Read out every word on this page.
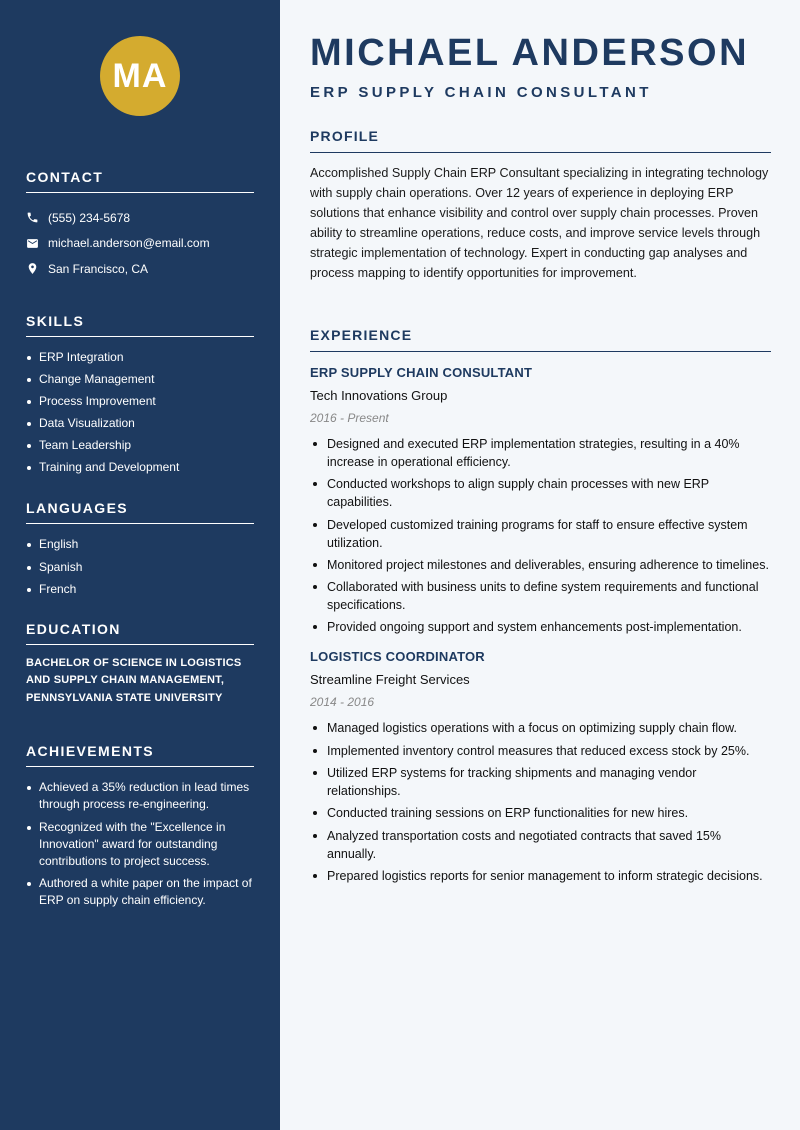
MA
CONTACT
(555) 234-5678
michael.anderson@email.com
San Francisco, CA
SKILLS
ERP Integration
Change Management
Process Improvement
Data Visualization
Team Leadership
Training and Development
LANGUAGES
English
Spanish
French
EDUCATION

BACHELOR OF SCIENCE IN LOGISTICS AND SUPPLY CHAIN MANAGEMENT, PENNSYLVANIA STATE UNIVERSITY

ACHIEVEMENTS
Achieved a 35% reduction in lead times through process re-engineering.
Recognized with the "Excellence in Innovation" award for outstanding contributions to project success.
Authored a white paper on the impact of ERP on supply chain efficiency.
MICHAEL ANDERSON
ERP SUPPLY CHAIN CONSULTANT
PROFILE

Accomplished Supply Chain ERP Consultant specializing in integrating technology with supply chain operations. Over 12 years of experience in deploying ERP solutions that enhance visibility and control over supply chain processes. Proven ability to streamline operations, reduce costs, and improve service levels through strategic implementation of technology. Expert in conducting gap analyses and process mapping to identify opportunities for improvement.

EXPERIENCE
ERP SUPPLY CHAIN CONSULTANT
Tech Innovations Group
2016 - Present
Designed and executed ERP implementation strategies, resulting in a 40% increase in operational efficiency.
Conducted workshops to align supply chain processes with new ERP capabilities.
Developed customized training programs for staff to ensure effective system utilization.
Monitored project milestones and deliverables, ensuring adherence to timelines.
Collaborated with business units to define system requirements and functional specifications.
Provided ongoing support and system enhancements post-implementation.
LOGISTICS COORDINATOR
Streamline Freight Services
2014 - 2016
Managed logistics operations with a focus on optimizing supply chain flow.
Implemented inventory control measures that reduced excess stock by 25%.
Utilized ERP systems for tracking shipments and managing vendor relationships.
Conducted training sessions on ERP functionalities for new hires.
Analyzed transportation costs and negotiated contracts that saved 15% annually.
Prepared logistics reports for senior management to inform strategic decisions.
